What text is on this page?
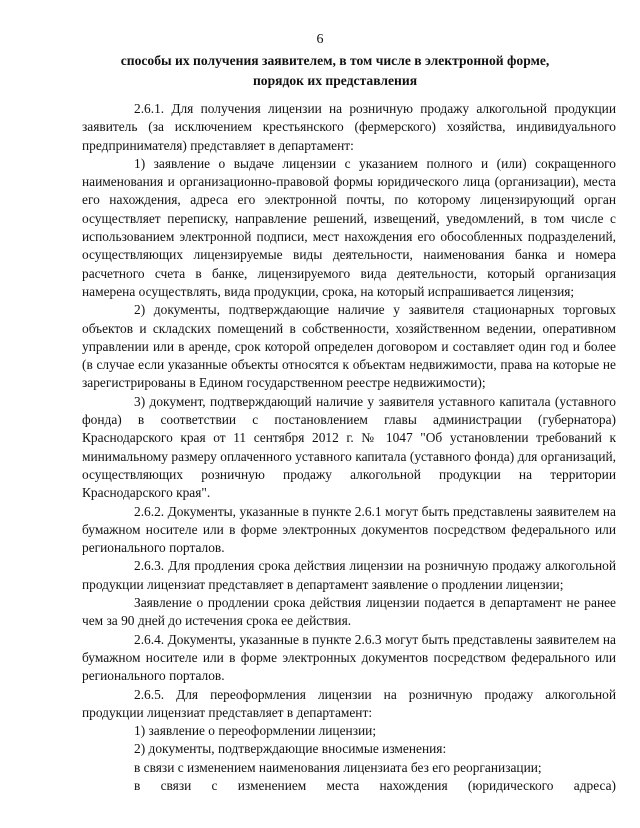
6
способы их получения заявителем, в том числе в электронной форме, порядок их представления

2.6.1. Для получения лицензии на розничную продажу алкогольной продукции заявитель (за исключением крестьянского (фермерского) хозяйства, индивидуального предпринимателя) представляет в департамент:

1) заявление о выдаче лицензии с указанием полного и (или) сокращенного наименования и организационно-правовой формы юридического лица (организации), места его нахождения, адреса его электронной почты, по которому лицензирующий орган осуществляет переписку, направление решений, извещений, уведомлений, в том числе с использованием электронной подписи, мест нахождения его обособленных подразделений, осуществляющих лицензируемые виды деятельности, наименования банка и номера расчетного счета в банке, лицензируемого вида деятельности, который организация намерена осуществлять, вида продукции, срока, на который испрашивается лицензия;

2) документы, подтверждающие наличие у заявителя стационарных торговых объектов и складских помещений в собственности, хозяйственном ведении, оперативном управлении или в аренде, срок которой определен договором и составляет один год и более (в случае если указанные объекты относятся к объектам недвижимости, права на которые не зарегистрированы в Едином государственном реестре недвижимости);

3) документ, подтверждающий наличие у заявителя уставного капитала (уставного фонда) в соответствии с постановлением главы администрации (губернатора) Краснодарского края от 11 сентября 2012 г. № 1047 "Об установлении требований к минимальному размеру оплаченного уставного капитала (уставного фонда) для организаций, осуществляющих розничную продажу алкогольной продукции на территории Краснодарского края".

2.6.2. Документы, указанные в пункте 2.6.1 могут быть представлены заявителем на бумажном носителе или в форме электронных документов посредством федерального или регионального порталов.

2.6.3. Для продления срока действия лицензии на розничную продажу алкогольной продукции лицензиат представляет в департамент заявление о продлении лицензии;

Заявление о продлении срока действия лицензии подается в департамент не ранее чем за 90 дней до истечения срока ее действия.

2.6.4. Документы, указанные в пункте 2.6.3 могут быть представлены заявителем на бумажном носителе или в форме электронных документов посредством федерального или регионального порталов.

2.6.5. Для переоформления лицензии на розничную продажу алкогольной продукции лицензиат представляет в департамент:

1) заявление о переоформлении лицензии;

2) документы, подтверждающие вносимые изменения:

в связи с изменением наименования лицензиата без его реорганизации;

в связи с изменением места нахождения (юридического адреса)
